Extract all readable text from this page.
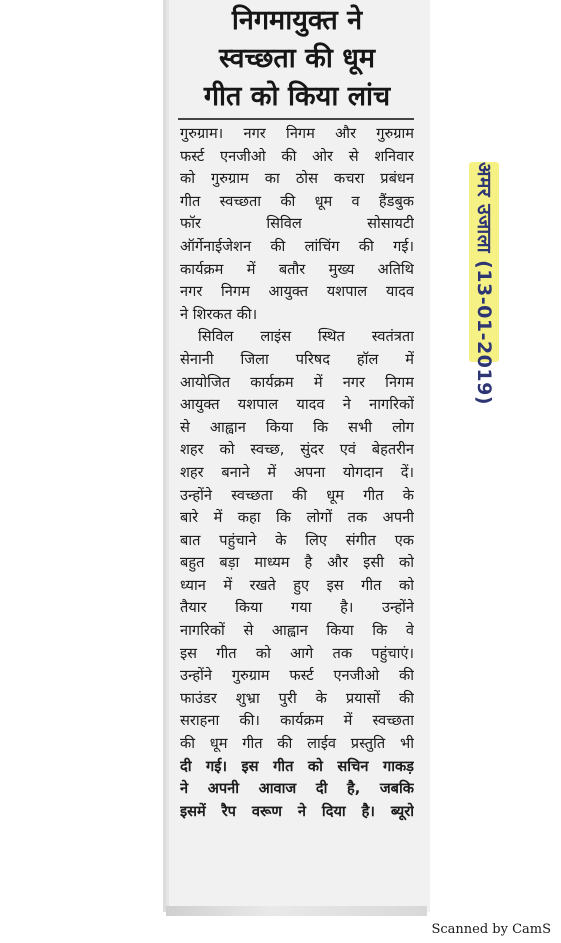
निगमायुक्त ने
स्वच्छता की धूम
गीत को किया लांच
गुरुग्राम। नगर निगम और गुरुग्राम
फर्स्ट एनजीओ की ओर से शनिवार
को गुरुग्राम का ठोस कचरा प्रबंधन
गीत स्वच्छता की धूम व हैंडबुक
फॉर सिविल सोसायटी
ऑर्गेनाईजेशन की लांचिंग की गई।
कार्यक्रम में बतौर मुख्य अतिथि
नगर निगम आयुक्त यशपाल यादव
ने शिरकत की।
सिविल लाइंस स्थित स्वतंत्रता
सेनानी जिला परिषद हॉल में
आयोजित कार्यक्रम में नगर निगम
आयुक्त यशपाल यादव ने नागरिकों
से आह्वान किया कि सभी लोग
शहर को स्वच्छ, सुंदर एवं बेहतरीन
शहर बनाने में अपना योगदान दें।
उन्होंने स्वच्छता की धूम गीत के
बारे में कहा कि लोगों तक अपनी
बात पहुंचाने के लिए संगीत एक
बहुत बड़ा माध्यम है और इसी को
ध्यान में रखते हुए इस गीत को
तैयार किया गया है। उन्होंने
नागरिकों से आह्वान किया कि वे
इस गीत को आगे तक पहुंचाएं।
उन्होंने गुरुग्राम फर्स्ट एनजीओ की
फाउंडर शुभ्रा पुरी के प्रयासों की
सराहना की। कार्यक्रम में स्वच्छता
की धूम गीत की लाईव प्रस्तुति भी
दी गई। इस गीत को सचिन गाकड़
ने अपनी आवाज दी है, जबकि
इसमें रैप वरूण ने दिया है। ब्यूरो
अमर उजाला (13-01-2019)
Scanned by CamS
